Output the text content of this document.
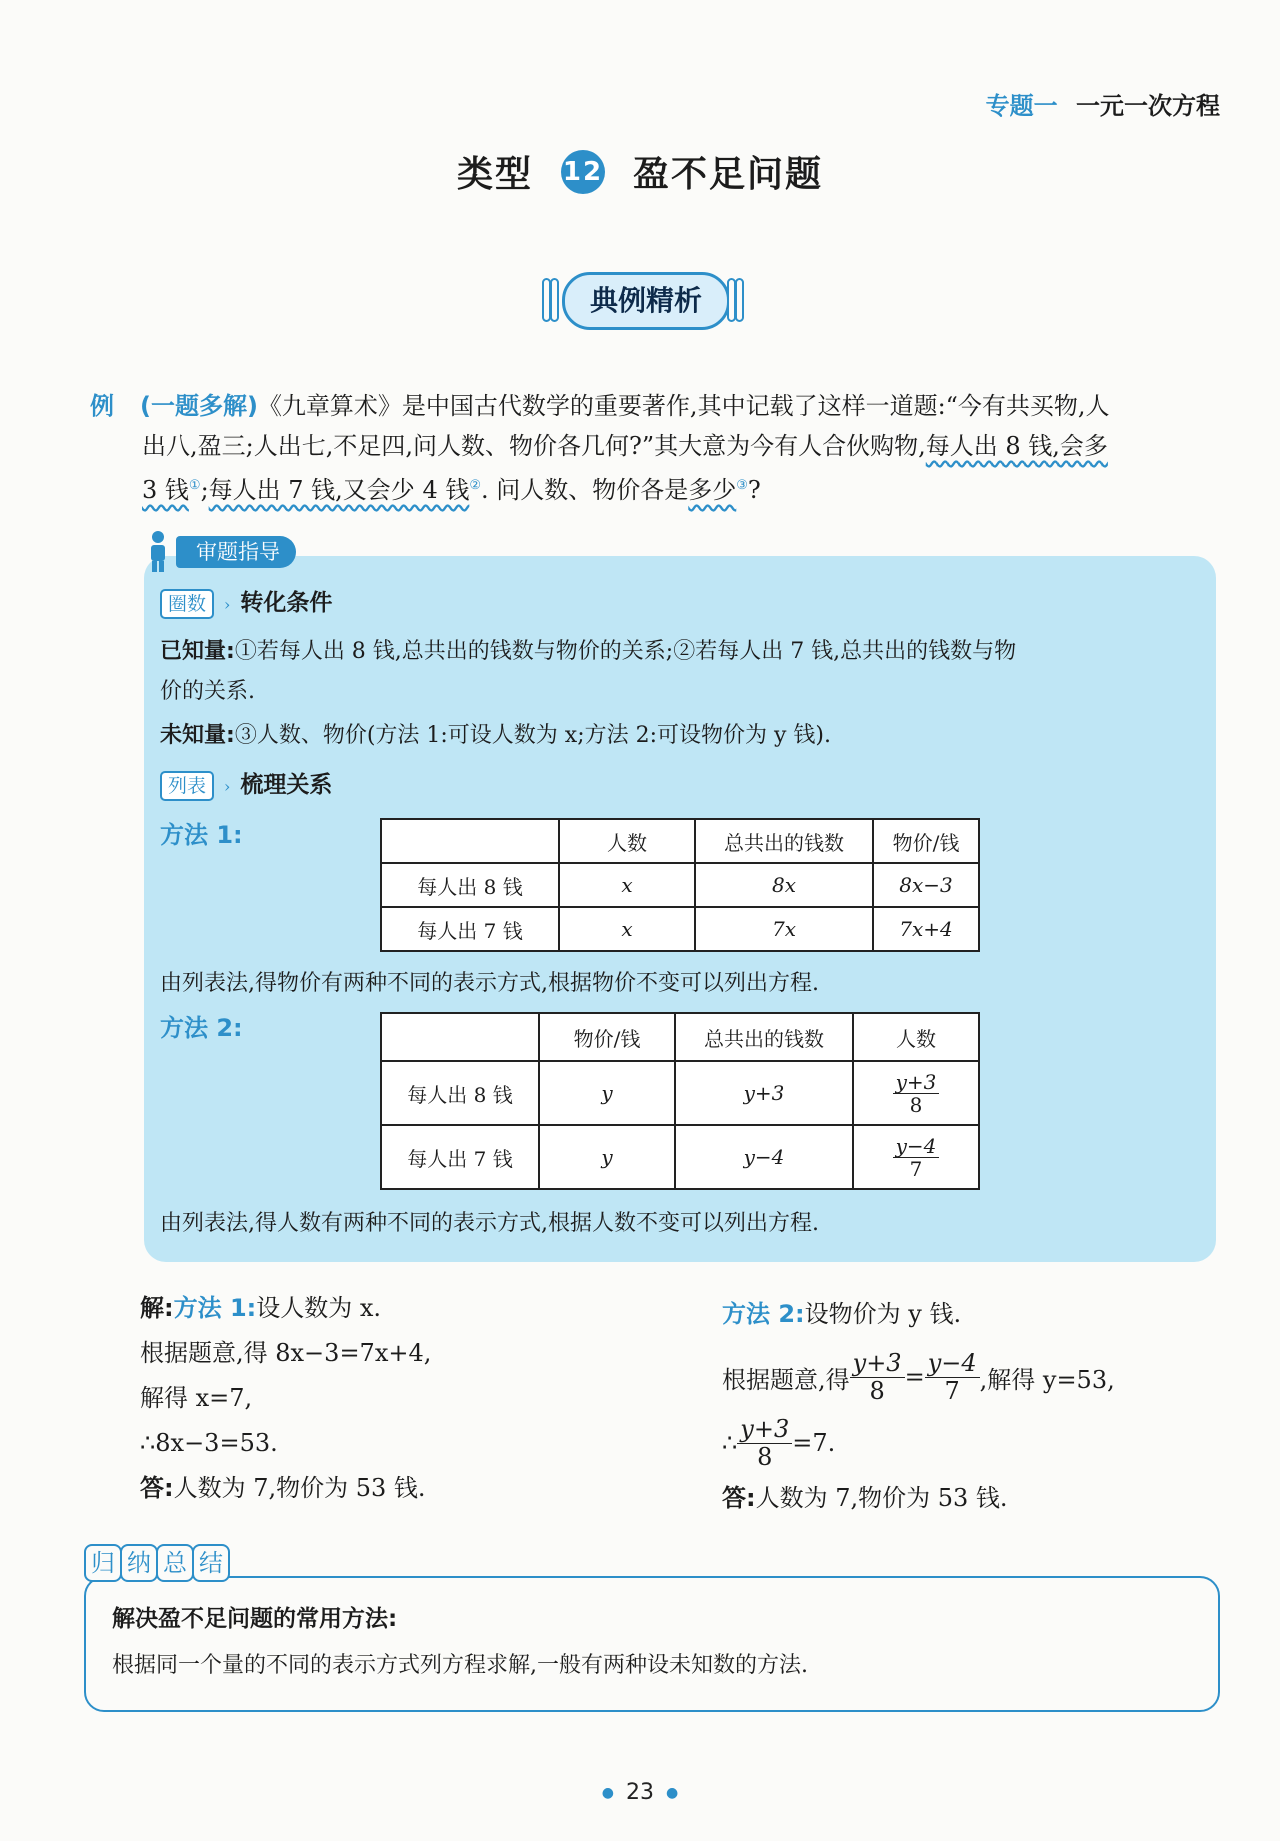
专题一 一元一次方程
类型 12 盈不足问题
典例精析
例 (一题多解)《九章算术》是中国古代数学的重要著作,其中记载了这样一道题:“今有共买物,人
出八,盈三;人出七,不足四,问人数、物价各几何?”其大意为今有人合伙购物,每人出 8 钱,会多
3 钱①;每人出 7 钱,又会少 4 钱②. 问人数、物价各是多少③?
审题指导
圈数 › 转化条件
已知量:①若每人出 8 钱,总共出的钱数与物价的关系;②若每人出 7 钱,总共出的钱数与物
价的关系.
未知量:③人数、物价(方法 1:可设人数为 x;方法 2:可设物价为 y 钱).
列表 › 梳理关系
方法 1:
		人数	总共出的钱数	物价/钱
每人出 8 钱	x	8x	8x−3
每人出 7 钱	x	7x	7x+4
由列表法,得物价有两种不同的表示方式,根据物价不变可以列出方程.
方法 2:
		物价/钱	总共出的钱数	人数
每人出 8 钱	y	y+3	$\frac{y+3}{8}$

每人出 7 钱	y	y−4	$\frac{y-4}{7}$
由列表法,得人数有两种不同的表示方式,根据人数不变可以列出方程.
解:方法 1:设人数为 x.
根据题意,得 8x−3=7x+4,
解得 x=7,
∴8x−3=53.
答:人数为 7,物价为 53 钱.
方法 2:设物价为 y 钱.
根据题意,得 $\frac{y+3}{8} = \frac{y-4}{7}$ ,解得 y=53,
∴ $\frac{y+3}{8} =7$.
答:人数为 7,物价为 53 钱.
归 纳 总 结
解决盈不足问题的常用方法:
根据同一个量的不同的表示方式列方程求解,一般有两种设未知数的方法.
● 23 ●
